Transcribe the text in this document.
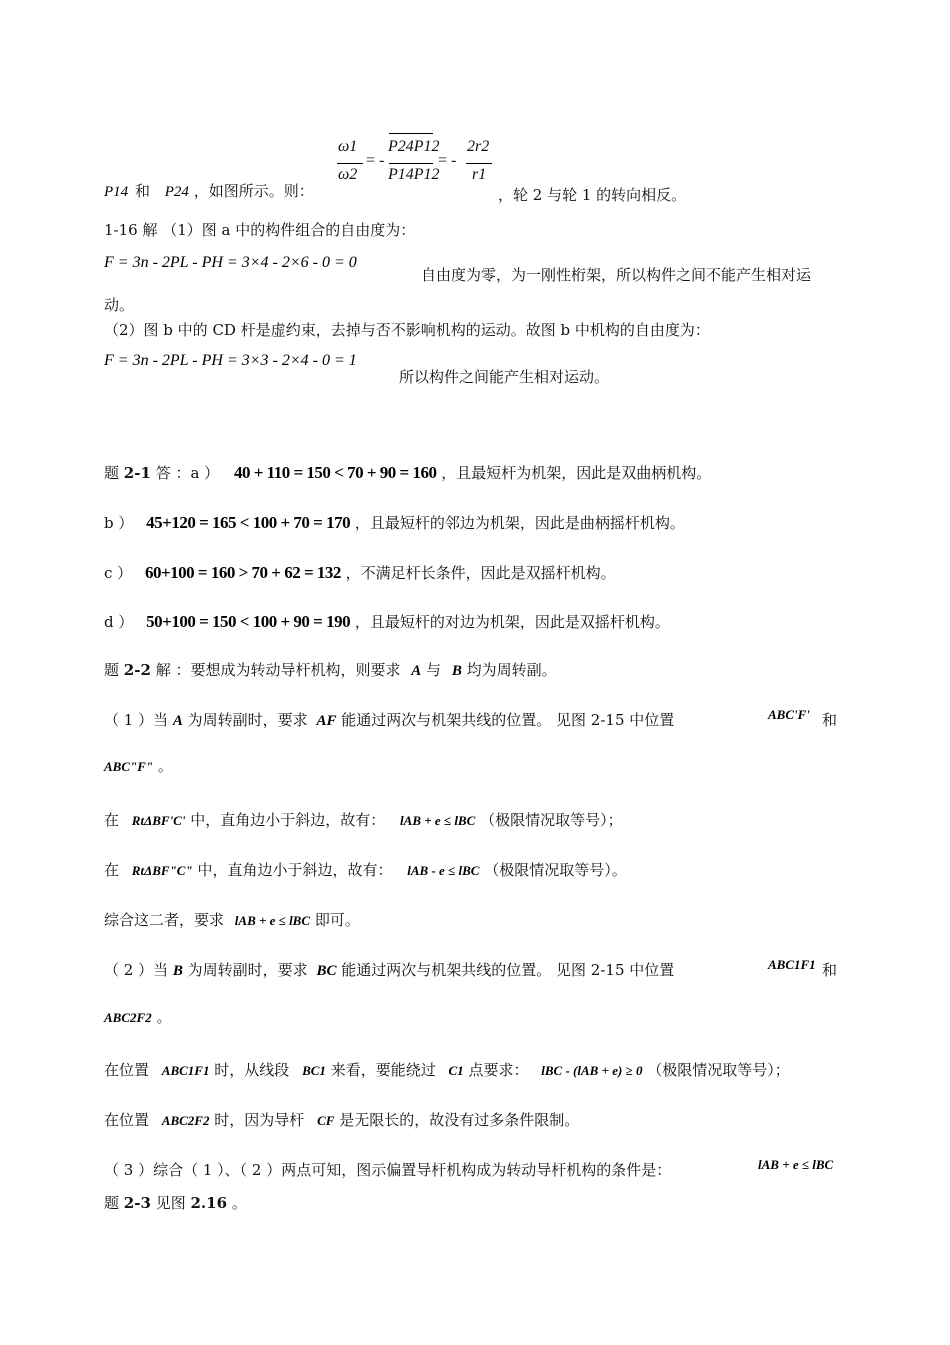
P14 和 P24 ，如图所示。则：
ω1
ω2
= -
P24P12
P14P12
= -
2r2
r1
，轮 2 与轮 1 的转向相反。
1-16 解 （1）图 a 中的构件组合的自由度为：
F = 3n - 2PL - PH = 3×4 - 2×6 - 0 = 0
自由度为零，为一刚性桁架，所以构件之间不能产生相对运
动。
（2）图 b 中的 CD 杆是虚约束，去掉与否不影响机构的运动。故图 b 中机构的自由度为：
F = 3n - 2PL - PH = 3×3 - 2×4 - 0 = 1
所以构件之间能产生相对运动。
题 2-1 答 ：a ） 40 + 110 = 150 < 70 + 90 = 160 ，且最短杆为机架，因此是双曲柄机构。
b ） 45+120 = 165 < 100 + 70 = 170 ，且最短杆的邻边为机架，因此是曲柄摇杆机构。
c ） 60+100 = 160 > 70 + 62 = 132 ，不满足杆长条件，因此是双摇杆机构。
d ） 50+100 = 150 < 100 + 90 = 190 ，且最短杆的对边为机架，因此是双摇杆机构。
题 2-2 解 ：要想成为转动导杆机构，则要求 A 与 B 均为周转副。
（ 1 ）当 A 为周转副时，要求 AF 能通过两次与机架共线的位置。 见图 2-15 中位置	ABC'F' 和
ABC"F" 。
在 RtΔBF'C' 中，直角边小于斜边，故有： lAB + e ≤ lBC （极限情况取等号）；
在 RtΔBF"C" 中，直角边小于斜边，故有： lAB - e ≤ lBC （极限情况取等号）。
综合这二者，要求 lAB + e ≤ lBC 即可。
（ 2 ）当 B 为周转副时，要求 BC 能通过两次与机架共线的位置。 见图 2-15 中位置	ABC1F1 和
ABC2F2 。
在位置 ABC1F1 时，从线段 BC1 来看，要能绕过 C1 点要求： lBC - (lAB + e) ≥ 0 （极限情况取等号）；
在位置 ABC2F2 时，因为导杆 CF 是无限长的，故没有过多条件限制。
（ 3 ）综合（ 1 ）、（ 2 ）两点可知，图示偏置导杆机构成为转动导杆机构的条件是：	lAB + e ≤ lBC
题 2-3 见图 2.16 。
